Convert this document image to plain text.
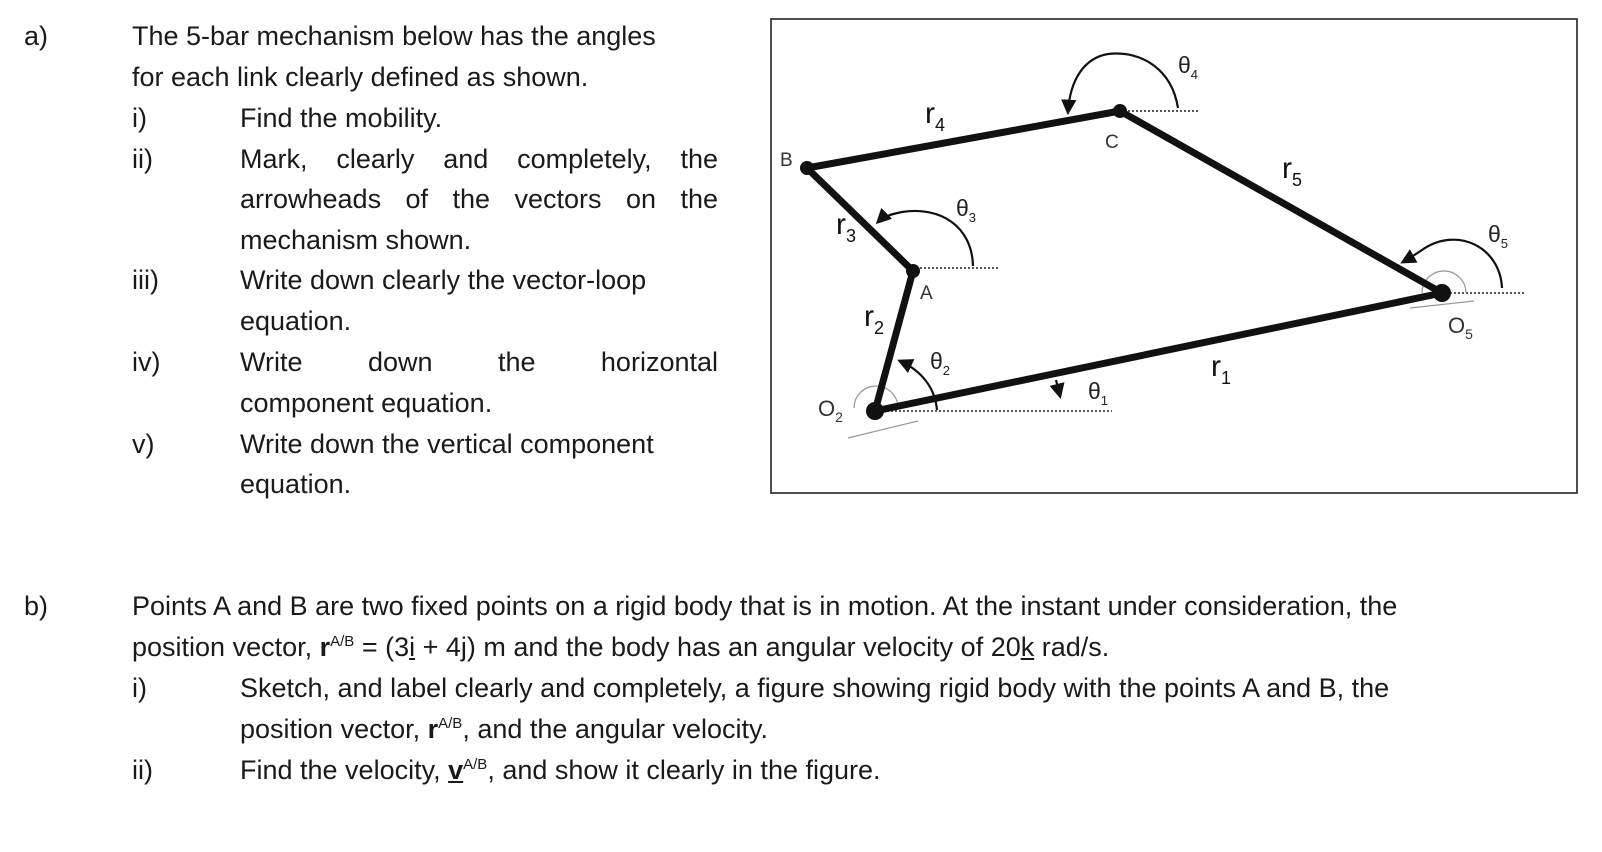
a)	The 5-bar mechanism below has the angles
for each link clearly defined as shown.
i)	Find the mobility.
ii)	Mark, clearly and completely, the
arrowheads of the vectors on the
mechanism shown.
iii)	Write down clearly the vector-loop
equation.
iv)	Write down the horizontal
component equation.
v)	Write down the vertical component
equation.
B
C
A
$O_2$
$O_5$
$r_1$
$r_2$
$r_3$
$r_4$
$r_5$
$\theta_1$
$\theta_2$
$\theta_3$
$\theta_4$
$\theta_5$
b)	Points A and B are two fixed points on a rigid body that is in motion. At the instant under consideration, the
position vector, $r^{A/B} = (3i + 4j)$ m and the body has an angular velocity of 20k rad/s.
i)	Sketch, and label clearly and completely, a figure showing rigid body with the points A and B, the
position vector, $r^{A/B}$, and the angular velocity.
ii)	Find the velocity, $v^{A/B}$, and show it clearly in the figure.
